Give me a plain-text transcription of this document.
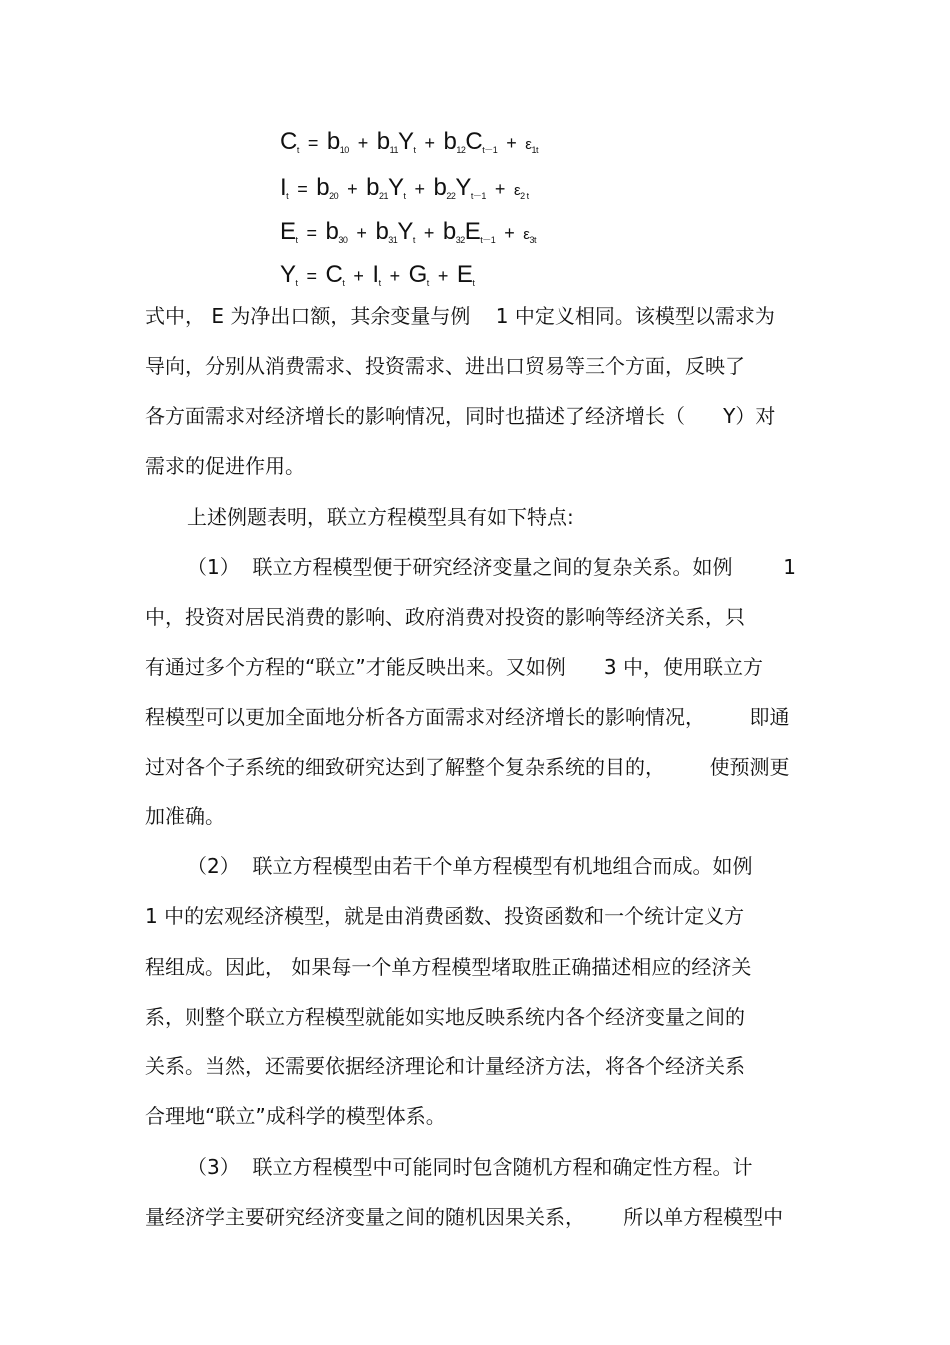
$C_t = b_{10} + b_{11}Y_t + b_{12}C_{t-1} + \varepsilon_{1t}$
$I_t = b_{20} + b_{21}Y_t + b_{22}Y_{t-1} + \varepsilon_{2 t}$
$E_t = b_{30} + b_{31}Y_t + b_{32}E_{t-1} + \varepsilon_{3t}$
$Y_t = C_t + I_t + G_t + E_t$
式中， E 为净出口额，其余变量与例    1 中定义相同。该模型以需求为
导向，分别从消费需求、投资需求、进出口贸易等三个方面，反映了
各方面需求对经济增长的影响情况，同时也描述了经济增长（      Y）对
需求的促进作用。
上述例题表明，联立方程模型具有如下特点:
（1）  联立方程模型便于研究经济变量之间的复杂关系。如例        1
中，投资对居民消费的影响、政府消费对投资的影响等经济关系，只
有通过多个方程的“联立”才能反映出来。又如例      3 中，使用联立方
程模型可以更加全面地分析各方面需求对经济增长的影响情况，       即通
过对各个子系统的细致研究达到了解整个复杂系统的目的，       使预测更
加准确。
（2）  联立方程模型由若干个单方程模型有机地组合而成。如例
1 中的宏观经济模型，就是由消费函数、投资函数和一个统计定义方
程组成。因此， 如果每一个单方程模型堵取胜正确描述相应的经济关
系，则整个联立方程模型就能如实地反映系统内各个经济变量之间的
关系。当然，还需要依据经济理论和计量经济方法，将各个经济关系
合理地“联立”成科学的模型体系。
（3）  联立方程模型中可能同时包含随机方程和确定性方程。计
量经济学主要研究经济变量之间的随机因果关系，      所以单方程模型中
